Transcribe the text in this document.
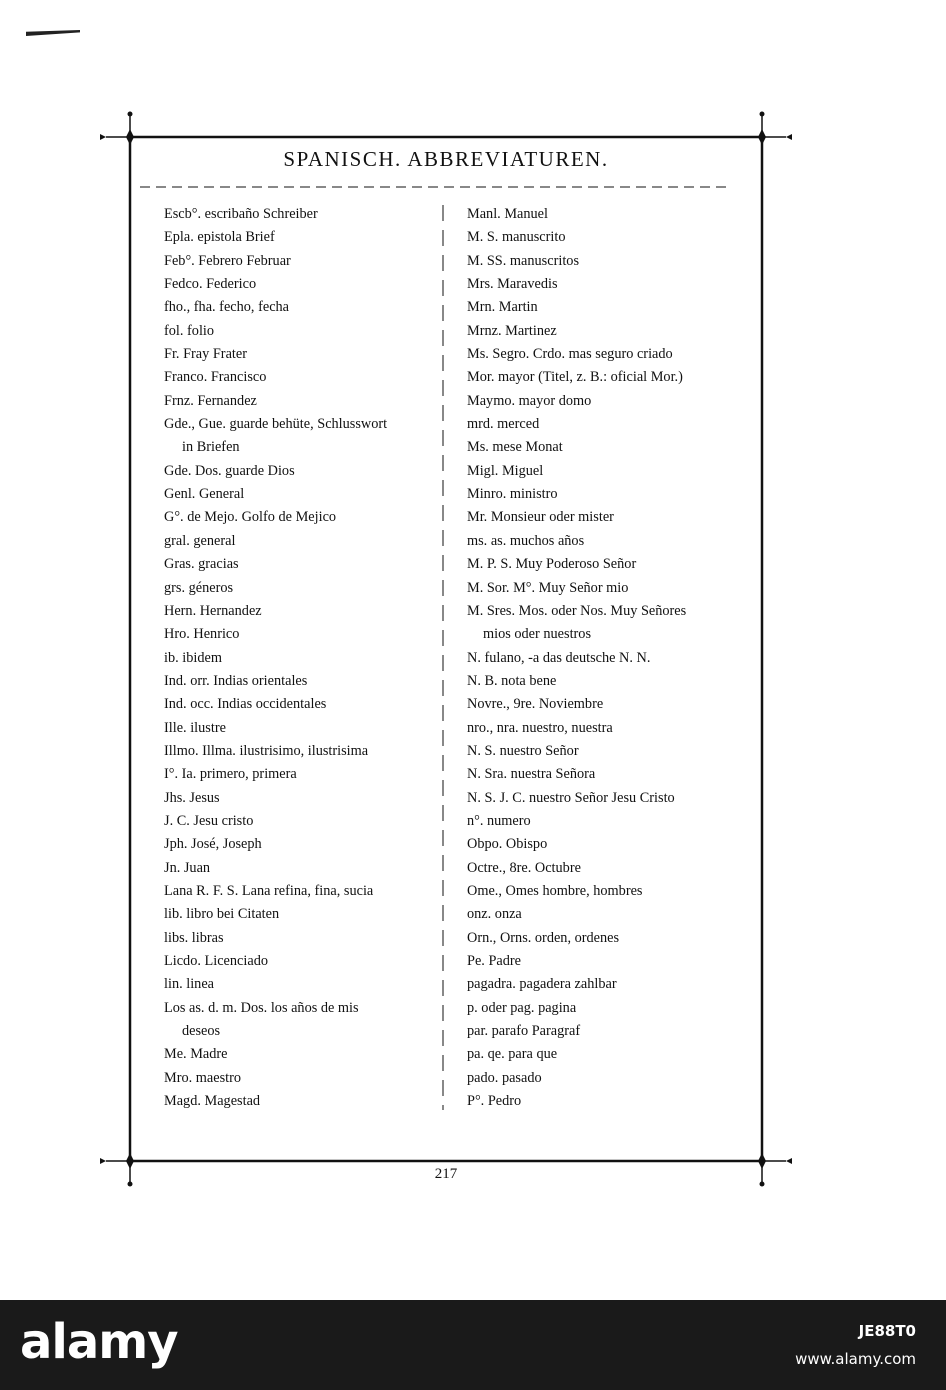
SPANISCH. ABBREVIATUREN.
Escb°. escribaño Schreiber
Epla. epistola Brief
Feb°. Febrero Februar
Fedco. Federico
fho., fha. fecho, fecha
fol. folio
Fr. Fray Frater
Franco. Francisco
Frnz. Fernandez
Gde., Gue. guarde behüte, Schlusswort
in Briefen
Gde. Dos. guarde Dios
Genl. General
G°. de Mejo. Golfo de Mejico
gral. general
Gras. gracias
grs. géneros
Hern. Hernandez
Hro. Henrico
ib. ibidem
Ind. orr. Indias orientales
Ind. occ. Indias occidentales
Ille. ilustre
Illmo. Illma. ilustrisimo, ilustrisima
I°. Ia. primero, primera
Jhs. Jesus
J. C. Jesu cristo
Jph. José, Joseph
Jn. Juan
Lana R. F. S. Lana refina, fina, sucia
lib. libro bei Citaten
libs. libras
Licdo. Licenciado
lin. linea
Los as. d. m. Dos. los años de mis
deseos
Me. Madre
Mro. maestro
Magd. Magestad
Manl. Manuel
M. S. manuscrito
M. SS. manuscritos
Mrs. Maravedis
Mrn. Martin
Mrnz. Martinez
Ms. Segro. Crdo. mas seguro criado
Mor. mayor (Titel, z. B.: oficial Mor.)
Maymo. mayor domo
mrd. merced
Ms. mese Monat
Migl. Miguel
Minro. ministro
Mr. Monsieur oder mister
ms. as. muchos años
M. P. S. Muy Poderoso Señor
M. Sor. M°. Muy Señor mio
M. Sres. Mos. oder Nos. Muy Señores
mios oder nuestros
N. fulano, -a das deutsche N. N.
N. B. nota bene
Novre., 9re. Noviembre
nro., nra. nuestro, nuestra
N. S. nuestro Señor
N. Sra. nuestra Señora
N. S. J. C. nuestro Señor Jesu Cristo
n°. numero
Obpo. Obispo
Octre., 8re. Octubre
Ome., Omes hombre, hombres
onz. onza
Orn., Orns. orden, ordenes
Pe. Padre
pagadra. pagadera zahlbar
p. oder pag. pagina
par. parafo Paragraf
pa. qe. para que
pado. pasado
P°. Pedro
217
alamy	JE88T0
www.alamy.com
